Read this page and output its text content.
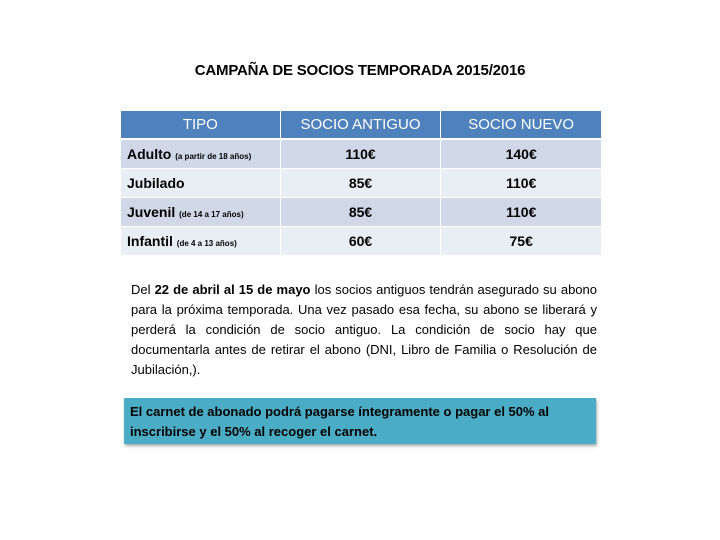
CAMPAÑA DE SOCIOS TEMPORADA 2015/2016
TIPO	SOCIO ANTIGUO	SOCIO NUEVO
Adulto (a partir de 18 años)	110€	140€
Jubilado	85€	110€
Juvenil (de 14 a 17 años)	85€	110€
Infantil (de 4 a 13 años)	60€	75€
Del 22 de abril al 15 de mayo los socios antiguos tendrán asegurado su abono para la próxima temporada. Una vez pasado esa fecha, su abono se liberará y perderá la condición de socio antiguo. La condición de socio hay que documentarla antes de retirar el abono (DNI, Libro de Familia o Resolución de Jubilación,).
El carnet de abonado podrá pagarse íntegramente o pagar el 50% al inscribirse y el 50% al recoger el carnet.
